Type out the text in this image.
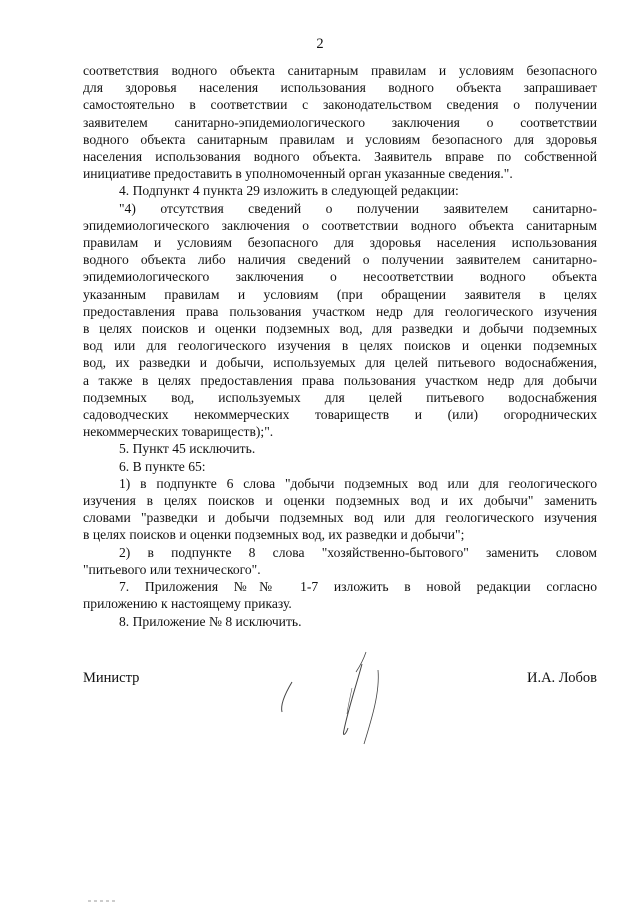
2
соответствия водного объекта санитарным правилам и условиям безопасного
для здоровья населения использования водного объекта запрашивает
самостоятельно в соответствии с законодательством сведения о получении
заявителем санитарно-эпидемиологического заключения о соответствии
водного объекта санитарным правилам и условиям безопасного для здоровья
населения использования водного объекта. Заявитель вправе по собственной
инициативе предоставить в уполномоченный орган указанные сведения.".
4. Подпункт 4 пункта 29 изложить в следующей редакции:
"4) отсутствия сведений о получении заявителем санитарно-
эпидемиологического заключения о соответствии водного объекта санитарным
правилам и условиям безопасного для здоровья населения использования
водного объекта либо наличия сведений о получении заявителем санитарно-
эпидемиологического заключения о несоответствии водного объекта
указанным правилам и условиям (при обращении заявителя в целях
предоставления права пользования участком недр для геологического изучения
в целях поисков и оценки подземных вод, для разведки и добычи подземных
вод или для геологического изучения в целях поисков и оценки подземных
вод, их разведки и добычи, используемых для целей питьевого водоснабжения,
а также в целях предоставления права пользования участком недр для добычи
подземных вод, используемых для целей питьевого водоснабжения
садоводческих некоммерческих товариществ и (или) огороднических
некоммерческих товариществ);".
5. Пункт 45 исключить.
6. В пункте 65:
1) в подпункте 6 слова "добычи подземных вод или для геологического
изучения в целях поисков и оценки подземных вод и их добычи" заменить
словами "разведки и добычи подземных вод или для геологического изучения
в целях поисков и оценки подземных вод, их разведки и добычи";
2) в подпункте 8 слова "хозяйственно-бытового" заменить словом
"питьевого или технического".
7. Приложения №№ 1-7 изложить в новой редакции согласно
приложению к настоящему приказу.
8. Приложение № 8 исключить.
Министр	И.А. Лобов
